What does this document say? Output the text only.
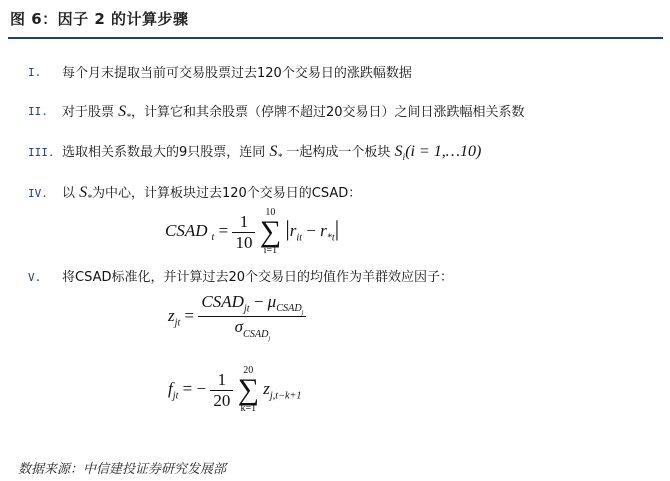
图 6：因子 2 的计算步骤
I. 每个月末提取当前可交易股票过去120个交易日的涨跌幅数据
II. 对于股票 $S_*$，计算它和其余股票（停牌不超过20交易日）之间日涨跌幅相关系数
III. 选取相关系数最大的9只股票，连同 $S_*$ 一起构成一个板块 $S_i(i$ = 1,…10)
IV. 以 $S_*$为中心，计算板块过去120个交易日的CSAD：
CSAD $_t = \frac{1}{10}$
10
∑
i=1
$|r_{it} - r_{*t}|$
V. 将CSAD标准化，并计算过去20个交易日的均值作为羊群效应因子：
$z_{jt} = \frac{CSAD_{jt} - \mu_{CSAD_j}}{\sigma_{CSAD_j}}$
$f_{jt}$ = − $\frac{1}{20}$
20
∑
k=1
$z_{j,t-k+1}$
数据来源：中信建投证券研究发展部
